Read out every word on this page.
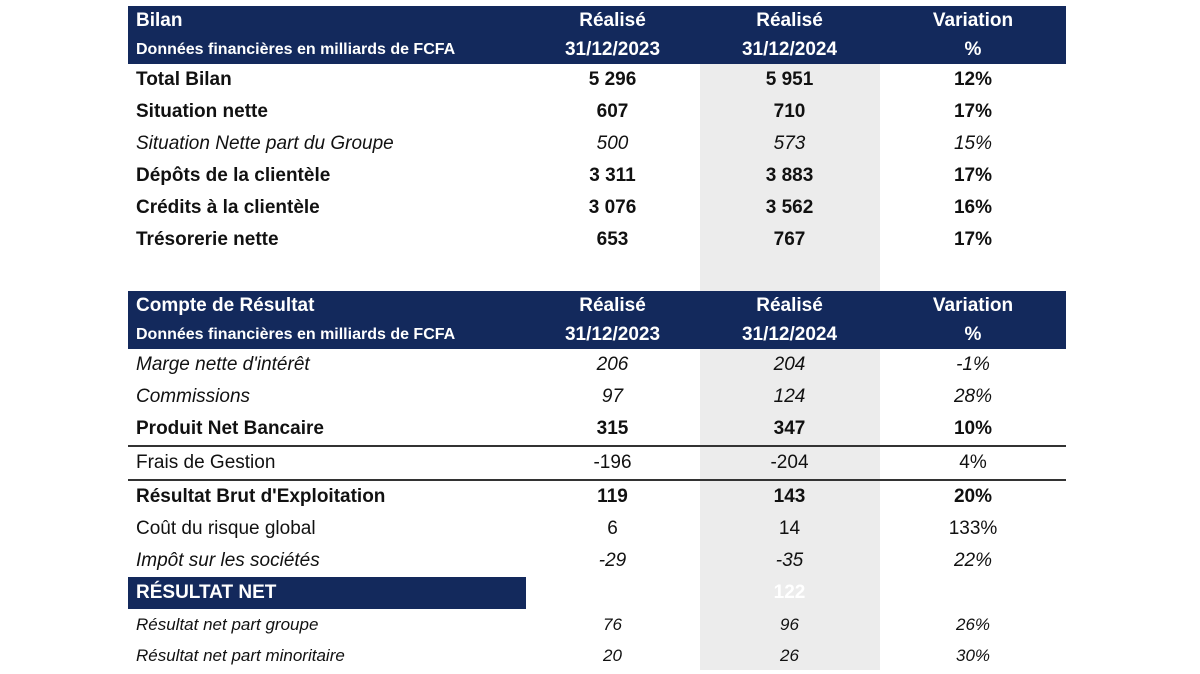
Bilan	Réalisé	Réalisé	Variation
Données financières en milliards de FCFA	31/12/2023	31/12/2024	%
Total Bilan	5 296	5 951	12%
Situation nette	607	710	17%
Situation Nette part du Groupe	500	573	15%
Dépôts de la clientèle	3 311	3 883	17%
Crédits à la clientèle	3 076	3 562	16%
Trésorerie nette	653	767	17%
Compte de Résultat	Réalisé	Réalisé	Variation
Données financières en milliards de FCFA	31/12/2023	31/12/2024	%
Marge nette d'intérêt	206	204	-1%
Commissions	97	124	28%
Produit Net Bancaire	315	347	10%
Frais de Gestion	-196	-204	4%
Résultat Brut d'Exploitation	119	143	20%
Coût du risque global	6	14	133%
Impôt sur les sociétés	-29	-35	22%
RÉSULTAT NET	96	122	27%
Résultat net part groupe	76	96	26%
Résultat net part minoritaire	20	26	30%
